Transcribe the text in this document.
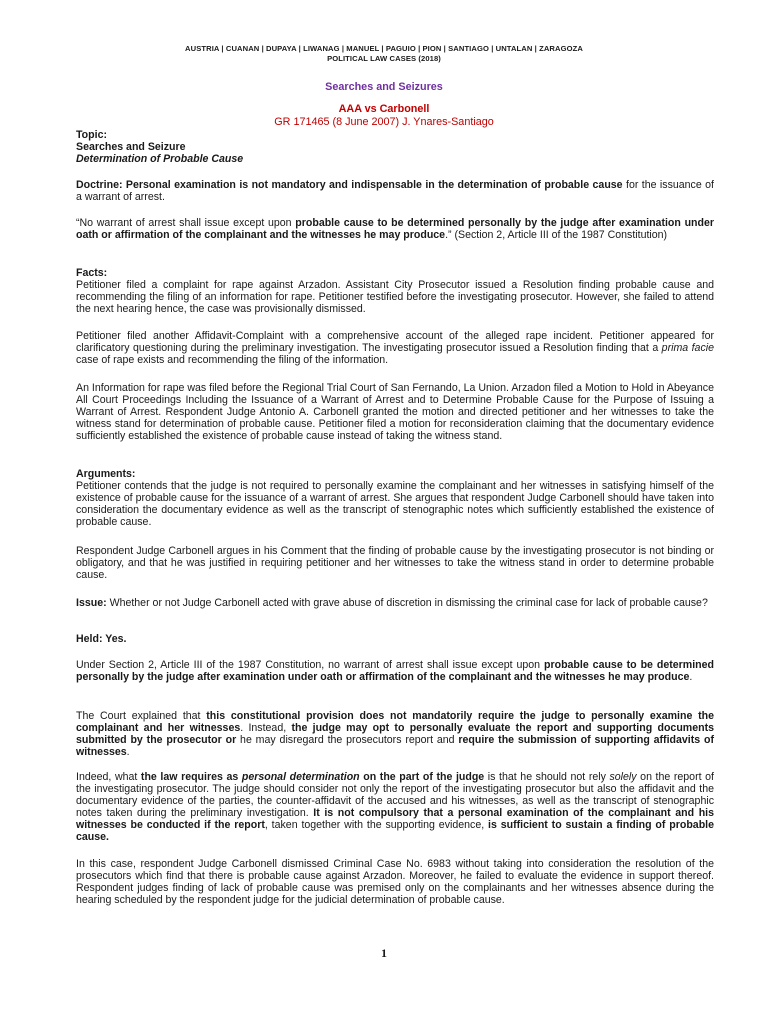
AUSTRIA | CUANAN | DUPAYA | LIWANAG | MANUEL | PAGUIO | PION | SANTIAGO | UNTALAN | ZARAGOZA
POLITICAL LAW CASES (2018)
Searches and Seizures
AAA vs Carbonell
GR 171465 (8 June 2007) J. Ynares-Santiago
Topic:
Searches and Seizure
Determination of Probable Cause

Doctrine: Personal examination is not mandatory and indispensable in the determination of probable cause for the issuance of a warrant of arrest.

“No warrant of arrest shall issue except upon probable cause to be determined personally by the judge after examination under oath or affirmation of the complainant and the witnesses he may produce.” (Section 2, Article III of the 1987 Constitution)

Facts:

Petitioner filed a complaint for rape against Arzadon. Assistant City Prosecutor issued a Resolution finding probable cause and recommending the filing of an information for rape. Petitioner testified before the investigating prosecutor. However, she failed to attend the next hearing hence, the case was provisionally dismissed.

Petitioner filed another Affidavit-Complaint with a comprehensive account of the alleged rape incident. Petitioner appeared for clarificatory questioning during the preliminary investigation. The investigating prosecutor issued a Resolution finding that a prima facie case of rape exists and recommending the filing of the information.

An Information for rape was filed before the Regional Trial Court of San Fernando, La Union. Arzadon filed a Motion to Hold in Abeyance All Court Proceedings Including the Issuance of a Warrant of Arrest and to Determine Probable Cause for the Purpose of Issuing a Warrant of Arrest. Respondent Judge Antonio A. Carbonell granted the motion and directed petitioner and her witnesses to take the witness stand for determination of probable cause. Petitioner filed a motion for reconsideration claiming that the documentary evidence sufficiently established the existence of probable cause instead of taking the witness stand.

Arguments:

Petitioner contends that the judge is not required to personally examine the complainant and her witnesses in satisfying himself of the existence of probable cause for the issuance of a warrant of arrest. She argues that respondent Judge Carbonell should have taken into consideration the documentary evidence as well as the transcript of stenographic notes which sufficiently established the existence of probable cause.

Respondent Judge Carbonell argues in his Comment that the finding of probable cause by the investigating prosecutor is not binding or obligatory, and that he was justified in requiring petitioner and her witnesses to take the witness stand in order to determine probable cause.

Issue: Whether or not Judge Carbonell acted with grave abuse of discretion in dismissing the criminal case for lack of probable cause?

Held: Yes.

Under Section 2, Article III of the 1987 Constitution, no warrant of arrest shall issue except upon probable cause to be determined personally by the judge after examination under oath or affirmation of the complainant and the witnesses he may produce.

The Court explained that this constitutional provision does not mandatorily require the judge to personally examine the complainant and her witnesses. Instead, the judge may opt to personally evaluate the report and supporting documents submitted by the prosecutor or he may disregard the prosecutors report and require the submission of supporting affidavits of witnesses.

Indeed, what the law requires as personal determination on the part of the judge is that he should not rely solely on the report of the investigating prosecutor. The judge should consider not only the report of the investigating prosecutor but also the affidavit and the documentary evidence of the parties, the counter-affidavit of the accused and his witnesses, as well as the transcript of stenographic notes taken during the preliminary investigation. It is not compulsory that a personal examination of the complainant and his witnesses be conducted if the report, taken together with the supporting evidence, is sufficient to sustain a finding of probable cause.

In this case, respondent Judge Carbonell dismissed Criminal Case No. 6983 without taking into consideration the resolution of the prosecutors which find that there is probable cause against Arzadon. Moreover, he failed to evaluate the evidence in support thereof. Respondent judges finding of lack of probable cause was premised only on the complainants and her witnesses absence during the hearing scheduled by the respondent judge for the judicial determination of probable cause.

1
